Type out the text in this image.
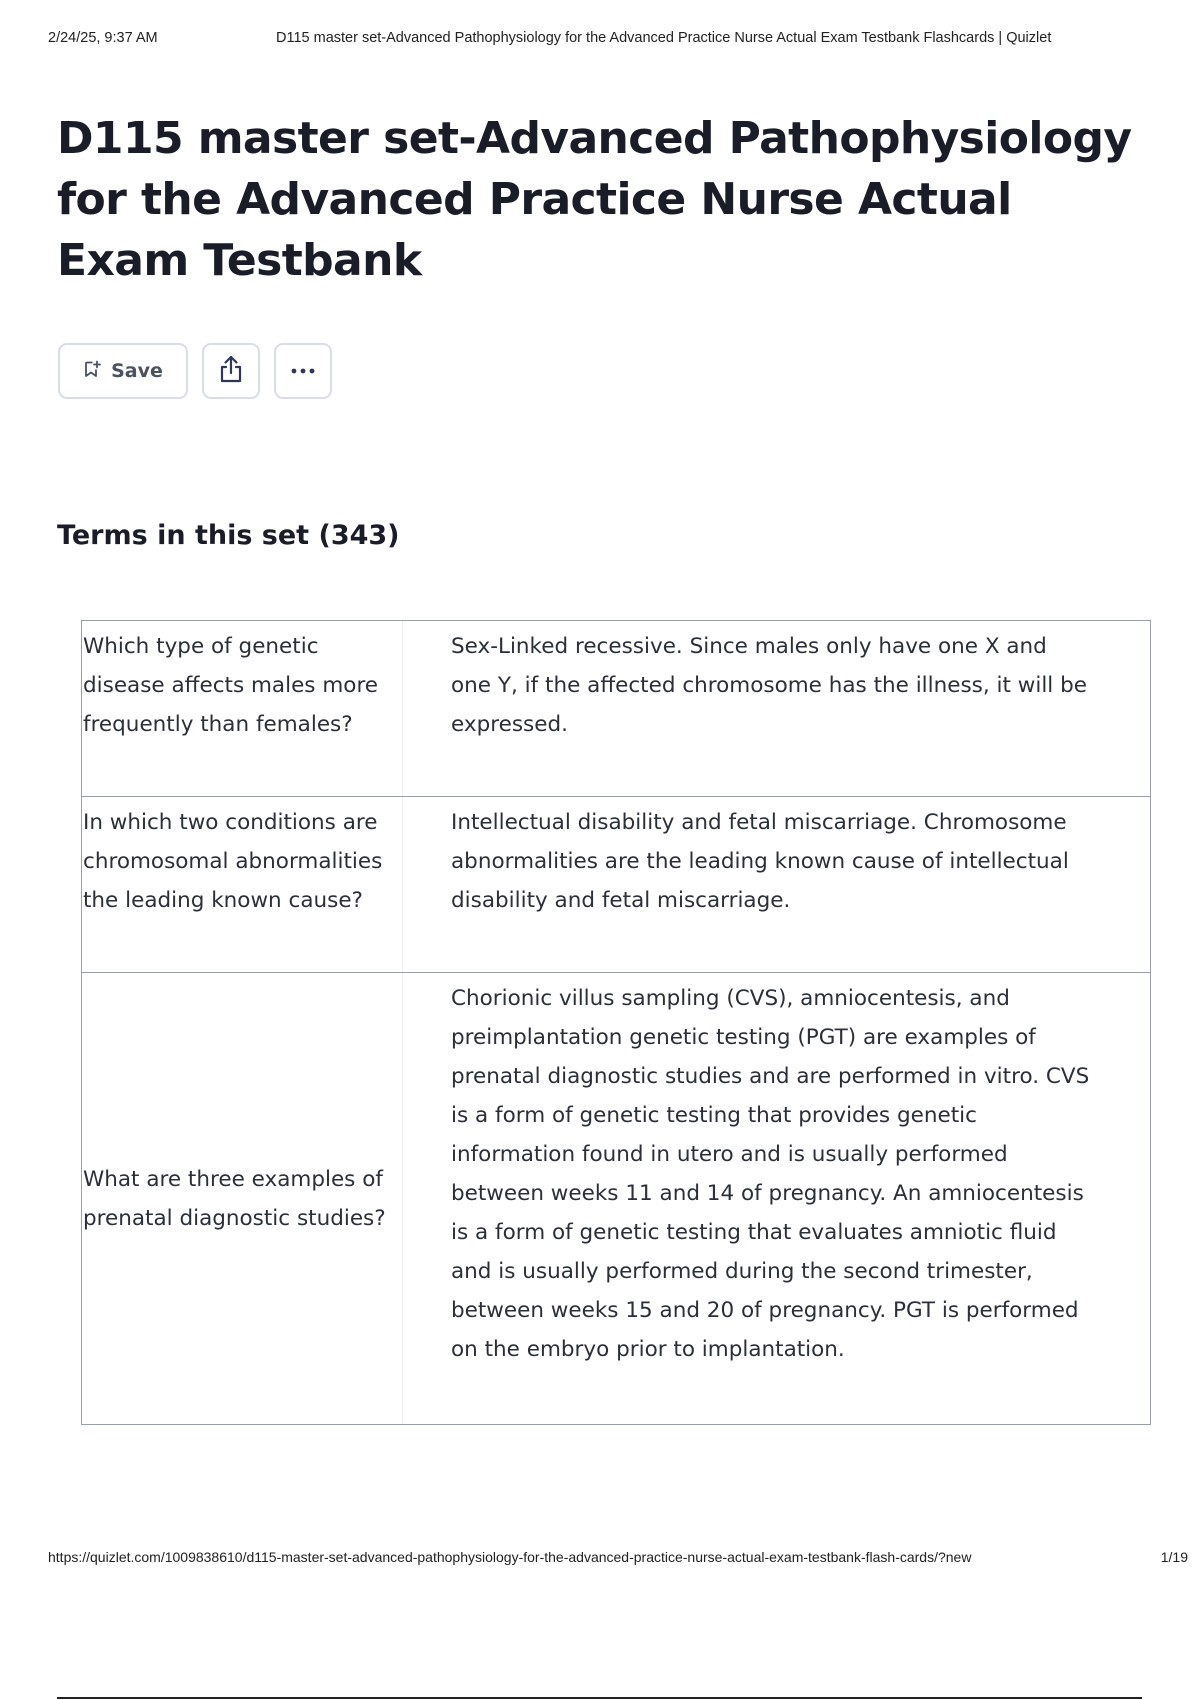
2/24/25, 9:37 AM	D115 master set-Advanced Pathophysiology for the Advanced Practice Nurse Actual Exam Testbank Flashcards | Quizlet
D115 master set-Advanced Pathophysiology for the Advanced Practice Nurse Actual Exam Testbank
Save
Terms in this set (343)
Which type of genetic disease affects males more frequently than females?
Sex-Linked recessive. Since males only have one X and one Y, if the affected chromosome has the illness, it will be expressed.
In which two conditions are chromosomal abnormalities the leading known cause?
Intellectual disability and fetal miscarriage. Chromosome abnormalities are the leading known cause of intellectual disability and fetal miscarriage.
What are three examples of prenatal diagnostic studies?
Chorionic villus sampling (CVS), amniocentesis, and preimplantation genetic testing (PGT) are examples of prenatal diagnostic studies and are performed in vitro. CVS is a form of genetic testing that provides genetic information found in utero and is usually performed between weeks 11 and 14 of pregnancy. An amniocentesis is a form of genetic testing that evaluates amniotic fluid and is usually performed during the second trimester, between weeks 15 and 20 of pregnancy. PGT is performed on the embryo prior to implantation.
https://quizlet.com/1009838610/d115-master-set-advanced-pathophysiology-for-the-advanced-practice-nurse-actual-exam-testbank-flash-cards/?new	1/19
